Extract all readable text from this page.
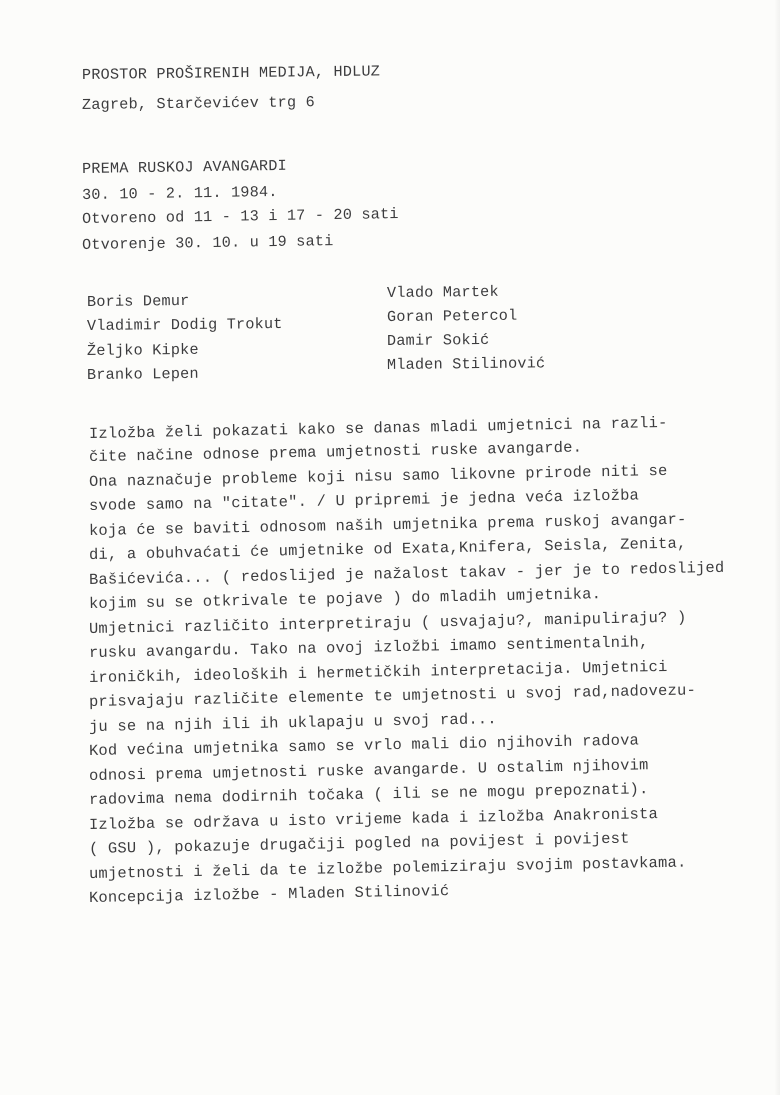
PROSTOR PROŠIRENIH MEDIJA, HDLUZ
Zagreb, Starčevićev trg 6
PREMA RUSKOJ AVANGARDI
30. 10 - 2. 11. 1984.
Otvoreno od 11 - 13 i 17 - 20 sati
Otvorenje 30. 10. u 19 sati
Boris Demur
Vladimir Dodig Trokut
Željko Kipke
Branko Lepen
Vlado Martek
Goran Petercol
Damir Sokić
Mladen Stilinović
Izložba želi pokazati kako se danas mladi umjetnici na razli-
čite načine odnose prema umjetnosti ruske avangarde.
Ona naznačuje probleme koji nisu samo likovne prirode niti se
svode samo na "citate". / U pripremi je jedna veća izložba
koja će se baviti odnosom naših umjetnika prema ruskoj avangar-
di, a obuhvaćati će umjetnike od Exata,Knifera, Seisla, Zenita,
Bašićevića... ( redoslijed je nažalost takav - jer je to redoslijed
kojim su se otkrivale te pojave ) do mladih umjetnika.
Umjetnici različito interpretiraju ( usvajaju?, manipuliraju? )
rusku avangardu. Tako na ovoj izložbi imamo sentimentalnih,
ironičkih, ideoloških i hermetičkih interpretacija. Umjetnici
prisvajaju različite elemente te umjetnosti u svoj rad,nadovezu-
ju se na njih ili ih uklapaju u svoj rad...
Kod većina umjetnika samo se vrlo mali dio njihovih radova
odnosi prema umjetnosti ruske avangarde. U ostalim njihovim
radovima nema dodirnih točaka ( ili se ne mogu prepoznati).
Izložba se održava u isto vrijeme kada i izložba Anakronista
( GSU ), pokazuje drugačiji pogled na povijest i povijest
umjetnosti i želi da te izložbe polemiziraju svojim postavkama.
Koncepcija izložbe - Mladen Stilinović
